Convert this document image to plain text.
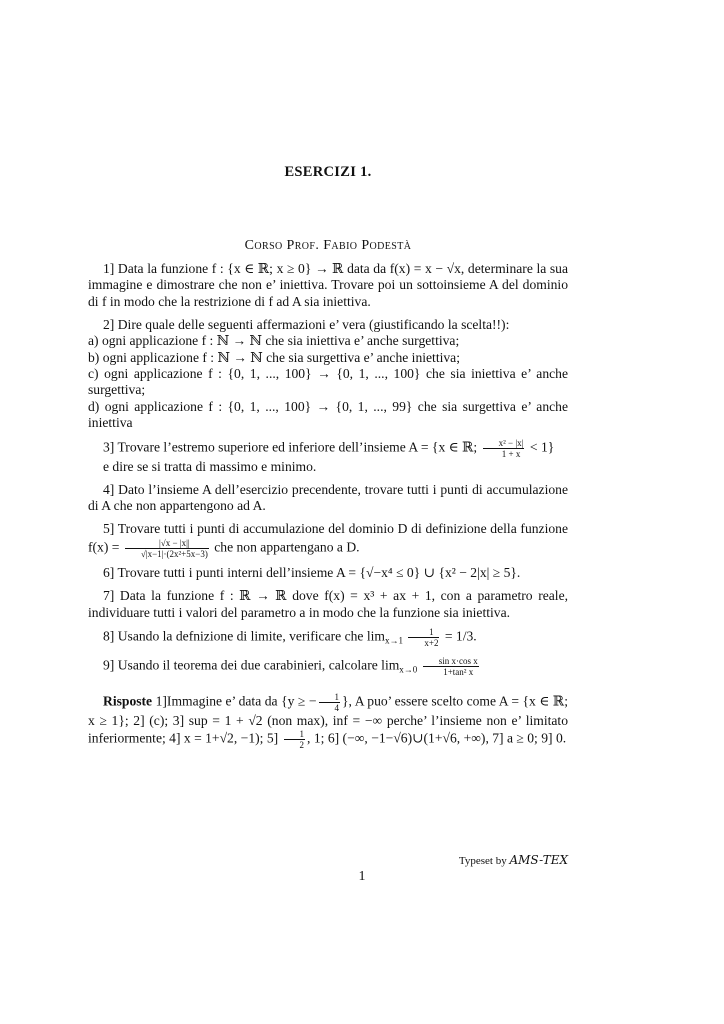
ESERCIZI 1.
Corso Prof. Fabio Podestà

1] Data la funzione f : {x ∈ ℝ; x ≥ 0} → ℝ data da f(x) = x − √x, determinare la sua immagine e dimostrare che non e’ iniettiva. Trovare poi un sottoinsieme A del dominio di f in modo che la restrizione di f ad A sia iniettiva.

2] Dire quale delle seguenti affermazioni e’ vera (giustificando la scelta!!):

a) ogni applicazione f : ℕ → ℕ che sia iniettiva e’ anche surgettiva;
b) ogni applicazione f : ℕ → ℕ che sia surgettiva e’ anche iniettiva;
c) ogni applicazione f : {0, 1, ..., 100} → {0, 1, ..., 100} che sia iniettiva e’ anche surgettiva;
d) ogni applicazione f : {0, 1, ..., 100} → {0, 1, ..., 99} che sia surgettiva e’ anche iniettiva

3] Trovare l’estremo superiore ed inferiore dell’insieme A = {x ∈ ℝ; $\frac{\text{x² − |x|}}{1 + x} < 1$}
e dire se si tratta di massimo e minimo.

4] Dato l’insieme A dell’esercizio precendente, trovare tutti i punti di accumulazione di A che non appartengono ad A.

5] Trovare tutti i punti di accumulazione del dominio D di definizione della funzione $f(x) = \frac{|√x - |x||}{\text{√|x−1|·(2x²+5x−3)}}$ che non appartengano a D.

6] Trovare tutti i punti interni dell’insieme A = {√−x⁴ ≤ 0} ∪ {x² − 2|x| ≥ 5}.

7] Data la funzione f : ℝ → ℝ dove f(x) = x³ + ax + 1, con a parametro reale, individuare tutti i valori del parametro a in modo che la funzione sia iniettiva.

8] Usando la defnizione di limite, verificare che $\lim_{x\to 1} \frac{1}{x+2} = 1/3$.

9] Usando il teorema dei due carabinieri, calcolare $\lim_{x\to 0} \frac{\text{sin x·cos x}}{\text{1+tan² x}}$

Risposte 1]Immagine e’ data da {y ≥ − $\frac{1}{4}$ }, A puo’ essere scelto come A = {x ∈ ℝ; x ≥ 1}; 2] (c); 3] sup = 1 + √2 (non max), inf = −∞ perche’ l’insieme non e’ limitato inferiormente; 4] x = 1+√2, −1); $5] \frac{1}{2}$ , 1; 6] (−∞, −1−√6)∪(1+√6, +∞), 7] a ≥ 0; 9] 0.

Typeset by AMS-TEX
1
